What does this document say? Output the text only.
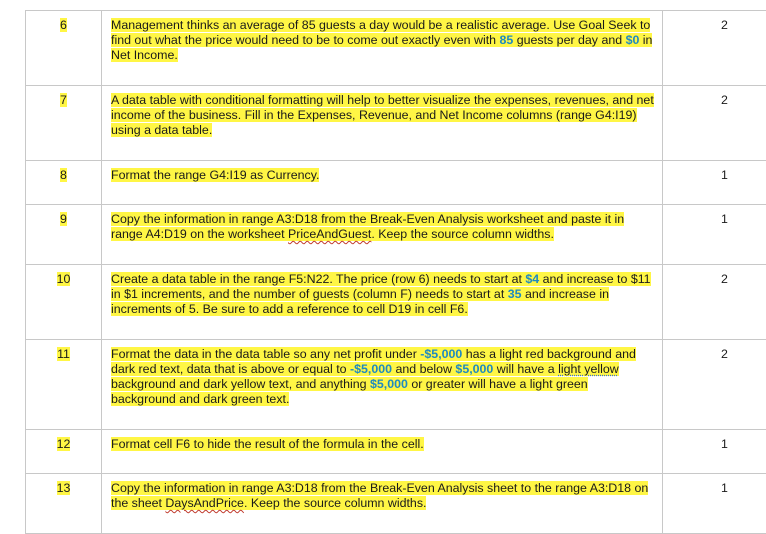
6	Management thinks an average of 85 guests a day would be a realistic average. Use Goal Seek to find out what the price would need to be to come out exactly even with 85 guests per day and $0 in Net Income.	2
7	A data table with conditional formatting will help to better visualize the expenses, revenues, and net income of the business. Fill in the Expenses, Revenue, and Net Income columns (range G4:I19) using a data table.	2
8	Format the range G4:I19 as Currency.	1
9	Copy the information in range A3:D18 from the Break-Even Analysis worksheet and paste it in range A4:D19 on the worksheet PriceAndGuest. Keep the source column widths.	1
10	Create a data table in the range F5:N22. The price (row 6) needs to start at $4 and increase to $11 in $1 increments, and the number of guests (column F) needs to start at 35 and increase in increments of 5. Be sure to add a reference to cell D19 in cell F6.	2
11	Format the data in the data table so any net profit under -$5,000 has a light red background and dark red text, data that is above or equal to -$5,000 and below $5,000 will have a light yellow background and dark yellow text, and anything $5,000 or greater will have a light green background and dark green text.	2
12	Format cell F6 to hide the result of the formula in the cell.	1
13	Copy the information in range A3:D18 from the Break-Even Analysis sheet to the range A3:D18 on the sheet DaysAndPrice. Keep the source column widths.	1
